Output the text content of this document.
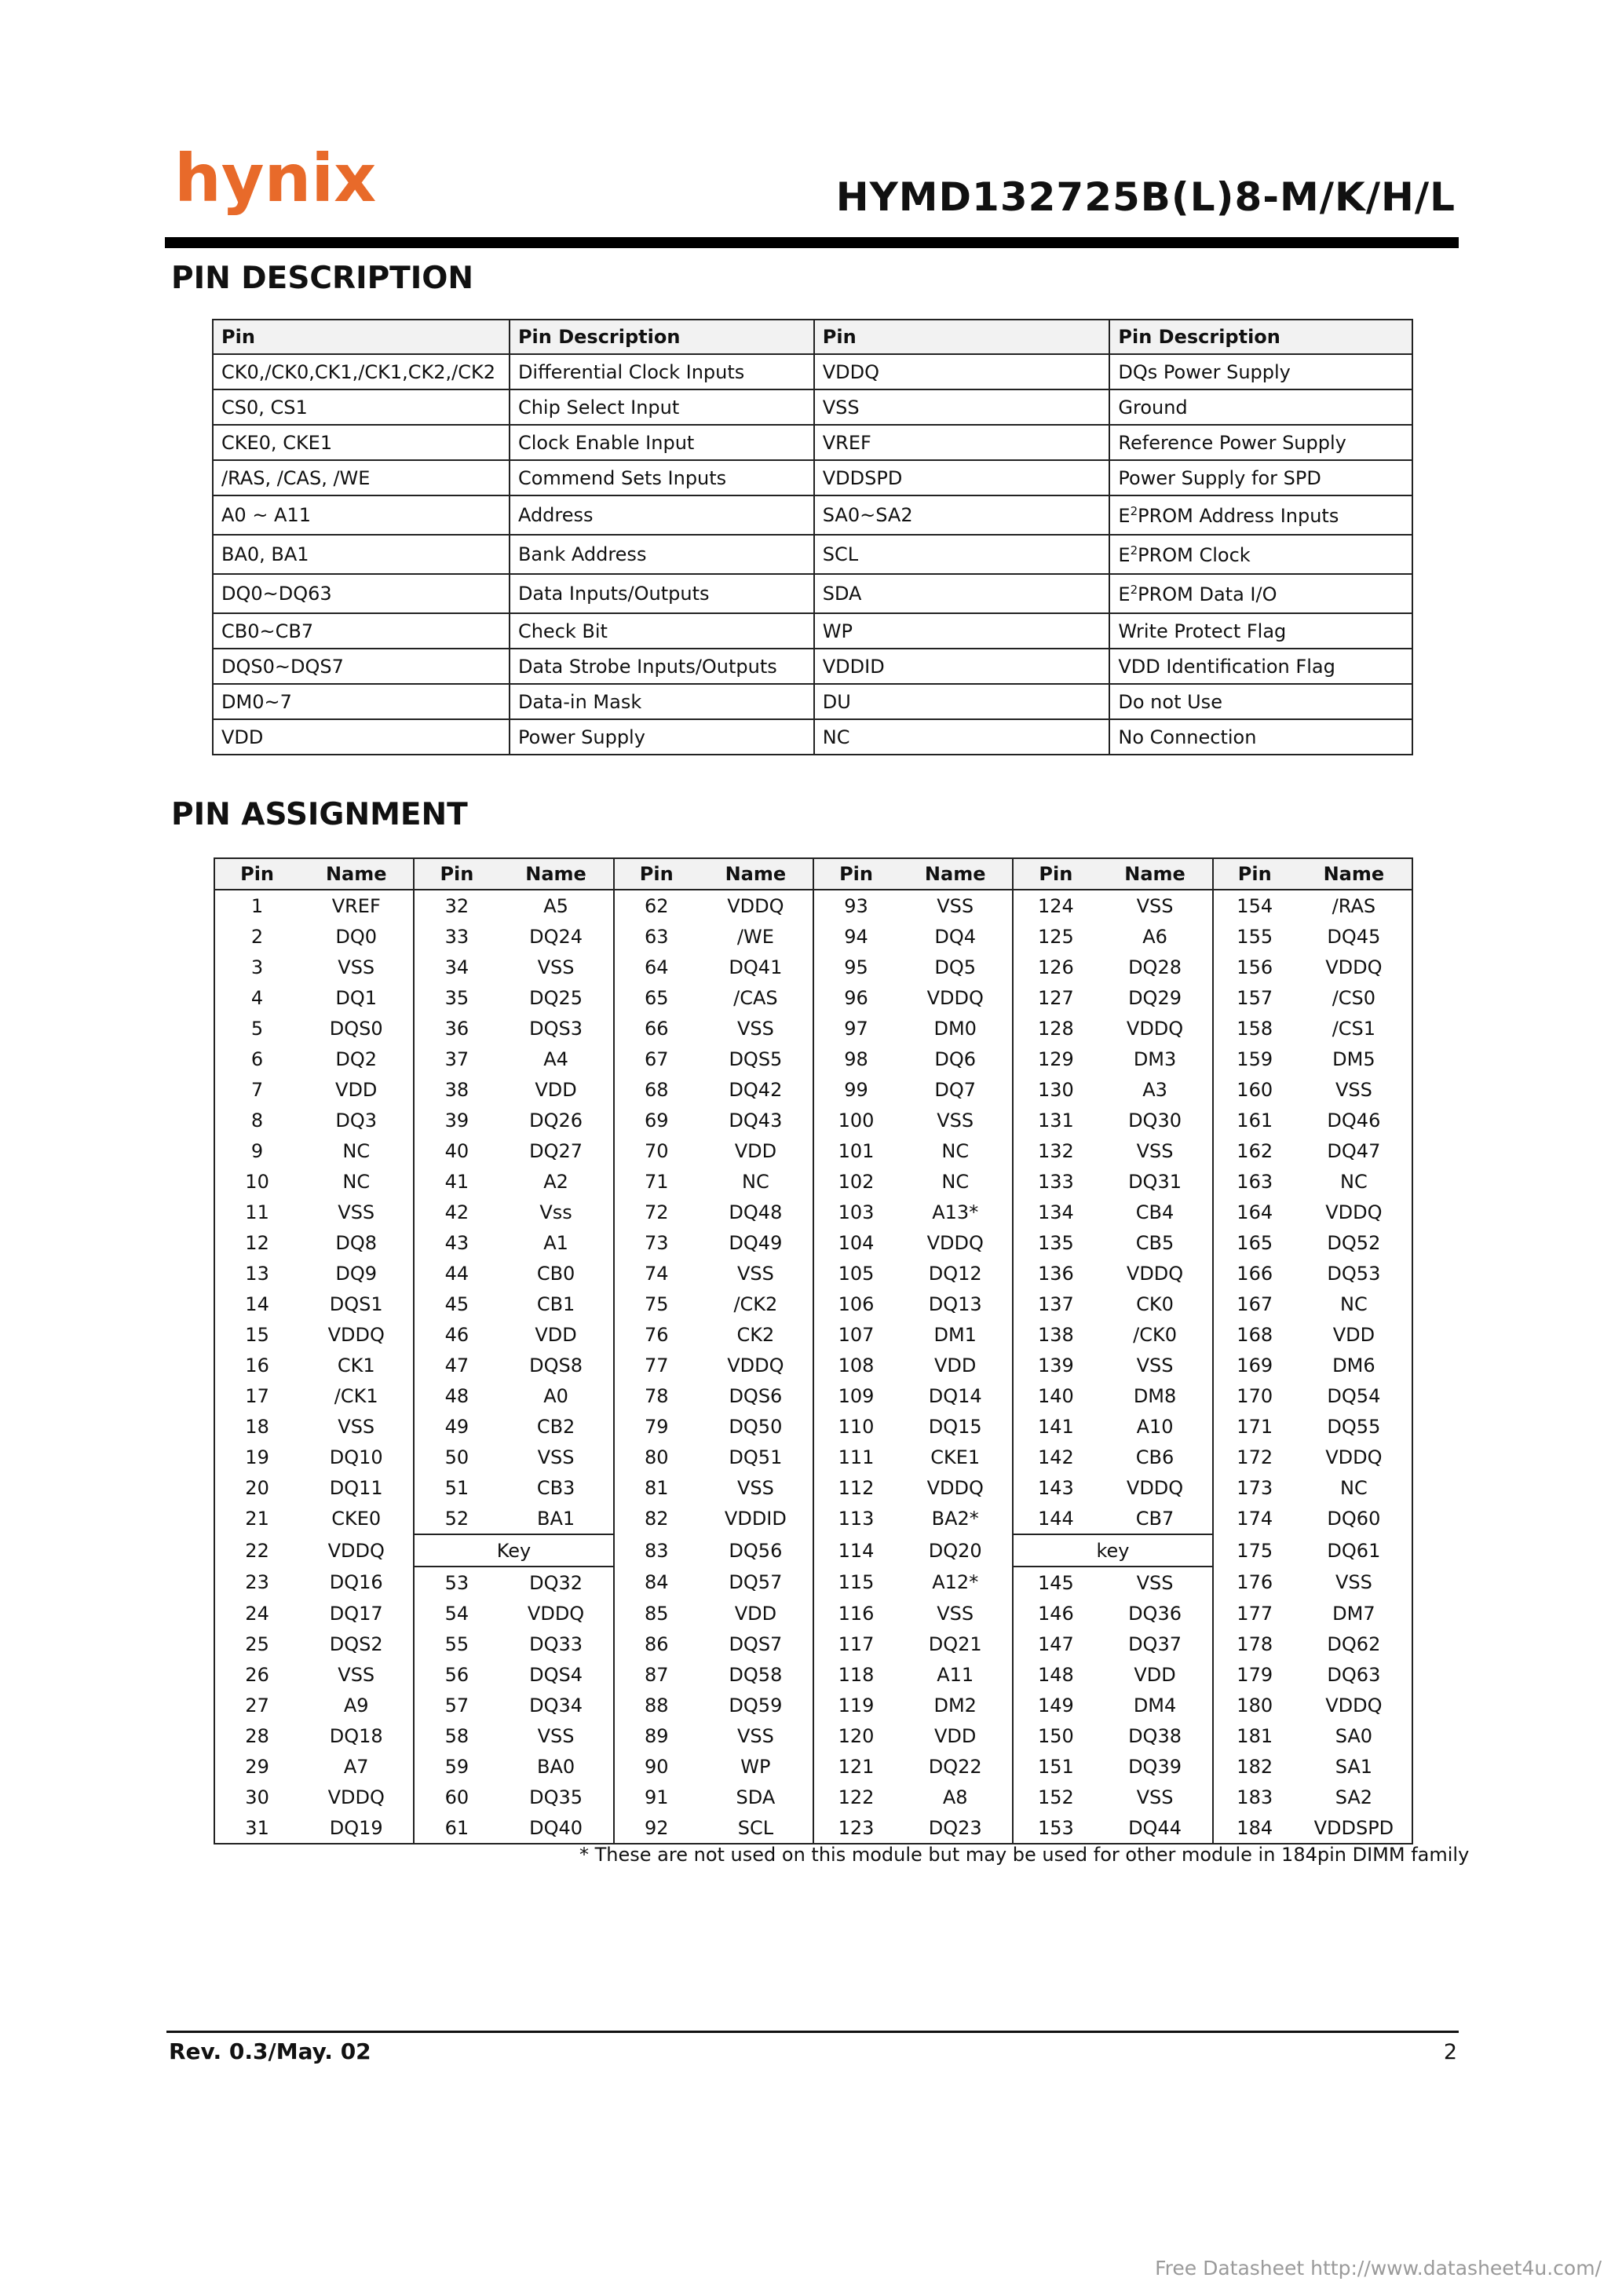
hynix	HYMD132725B(L)8-M/K/H/L
PIN DESCRIPTION
Pin	Pin Description	Pin	Pin Description
CK0,/CK0,CK1,/CK1,CK2,/CK2	Differential Clock Inputs	VDDQ	DQs Power Supply
CS0, CS1	Chip Select Input	VSS	Ground
CKE0, CKE1	Clock Enable Input	VREF	Reference Power Supply
/RAS, /CAS, /WE	Commend Sets Inputs	VDDSPD	Power Supply for SPD
A0 ~ A11	Address	SA0~SA2	$E^2PROM$ Address Inputs
BA0, BA1	Bank Address	SCL	$E^2PROM$ Clock
DQ0~DQ63	Data Inputs/Outputs	SDA	$E^2PROM$ Data I/O
CB0~CB7	Check Bit	WP	Write Protect Flag
DQS0~DQS7	Data Strobe Inputs/Outputs	VDDID	VDD Identification Flag
DM0~7	Data-in Mask	DU	Do not Use
VDD	Power Supply	NC	No Connection
PIN ASSIGNMENT
Pin	Name	Pin	Name	Pin	Name	Pin	Name	Pin	Name	Pin	Name
1	VREF	32	A5	62	VDDQ	93	VSS	124	VSS	154	/RAS
2	DQ0	33	DQ24	63	/WE	94	DQ4	125	A6	155	DQ45
3	VSS	34	VSS	64	DQ41	95	DQ5	126	DQ28	156	VDDQ
4	DQ1	35	DQ25	65	/CAS	96	VDDQ	127	DQ29	157	/CS0
5	DQS0	36	DQS3	66	VSS	97	DM0	128	VDDQ	158	/CS1
6	DQ2	37	A4	67	DQS5	98	DQ6	129	DM3	159	DM5
7	VDD	38	VDD	68	DQ42	99	DQ7	130	A3	160	VSS
8	DQ3	39	DQ26	69	DQ43	100	VSS	131	DQ30	161	DQ46
9	NC	40	DQ27	70	VDD	101	NC	132	VSS	162	DQ47
10	NC	41	A2	71	NC	102	NC	133	DQ31	163	NC
11	VSS	42	Vss	72	DQ48	103	A13*	134	CB4	164	VDDQ
12	DQ8	43	A1	73	DQ49	104	VDDQ	135	CB5	165	DQ52
13	DQ9	44	CB0	74	VSS	105	DQ12	136	VDDQ	166	DQ53
14	DQS1	45	CB1	75	/CK2	106	DQ13	137	CK0	167	NC
15	VDDQ	46	VDD	76	CK2	107	DM1	138	/CK0	168	VDD
16	CK1	47	DQS8	77	VDDQ	108	VDD	139	VSS	169	DM6
17	/CK1	48	A0	78	DQS6	109	DQ14	140	DM8	170	DQ54
18	VSS	49	CB2	79	DQ50	110	DQ15	141	A10	171	DQ55
19	DQ10	50	VSS	80	DQ51	111	CKE1	142	CB6	172	VDDQ
20	DQ11	51	CB3	81	VSS	112	VDDQ	143	VDDQ	173	NC
21	CKE0	52	BA1	82	VDDID	113	BA2*	144	CB7	174	DQ60
22	VDDQ	Key		83	DQ56	114	DQ20	key		175	DQ61
23	DQ16	53	DQ32	84	DQ57	115	A12*	145	VSS	176	VSS
24	DQ17	54	VDDQ	85	VDD	116	VSS	146	DQ36	177	DM7
25	DQS2	55	DQ33	86	DQS7	117	DQ21	147	DQ37	178	DQ62
26	VSS	56	DQS4	87	DQ58	118	A11	148	VDD	179	DQ63
27	A9	57	DQ34	88	DQ59	119	DM2	149	DM4	180	VDDQ
28	DQ18	58	VSS	89	VSS	120	VDD	150	DQ38	181	SA0
29	A7	59	BA0	90	WP	121	DQ22	151	DQ39	182	SA1
30	VDDQ	60	DQ35	91	SDA	122	A8	152	VSS	183	SA2
31	DQ19	61	DQ40	92	SCL	123	DQ23	153	DQ44	184	VDDSPD
* These are not used on this module but may be used for other module in 184pin DIMM family
Rev. 0.3/May. 02	2
Free Datasheet http://www.datasheet4u.com/
